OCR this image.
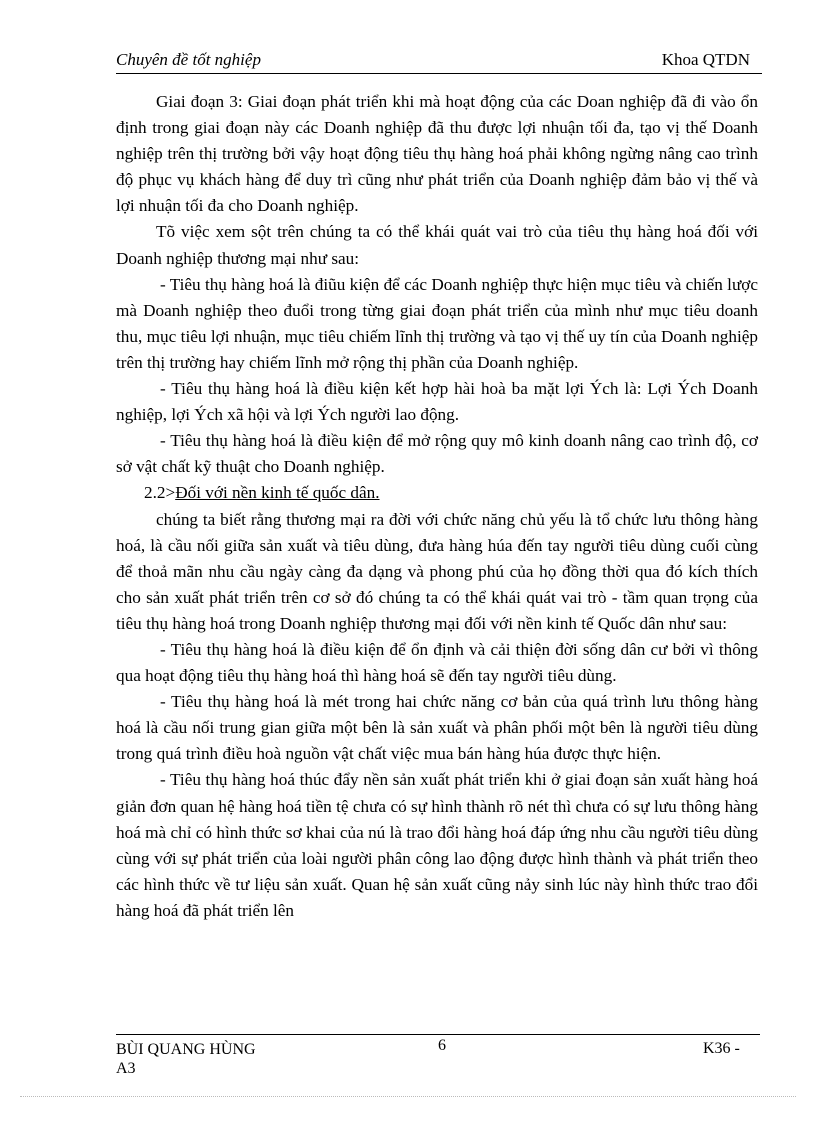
Chuyên đề tốt nghiệp	Khoa QTDN

Giai đoạn 3: Giai đoạn phát triển khi mà hoạt động của các Doan nghiệp đã đi vào ổn định trong giai đoạn này các Doanh nghiệp đã thu được lợi nhuận tối đa, tạo vị thế Doanh nghiệp trên thị trường bởi vậy hoạt động tiêu thụ hàng hoá phải không ngừng nâng cao trình độ phục vụ khách hàng để duy trì cũng như phát triển của Doanh nghiệp đảm bảo vị thế và lợi nhuận tối đa cho Doanh nghiệp.

Tõ việc xem sột trên chúng ta có thể khái quát vai trò của tiêu thụ hàng hoá đối với Doanh nghiệp thương mại như sau:

- Tiêu thụ hàng hoá là điũu kiện để các Doanh nghiệp thực hiện mục tiêu và chiến lược mà Doanh nghiệp theo đuổi trong từng giai đoạn phát triển của mình như mục tiêu doanh thu, mục tiêu lợi nhuận, mục tiêu chiếm lĩnh thị trường và tạo vị thế uy tín của Doanh nghiệp trên thị trường hay chiếm lĩnh mở rộng thị phần của Doanh nghiệp.

- Tiêu thụ hàng hoá là điều kiện kết hợp hài hoà ba mặt lợi Ých là: Lợi Ých Doanh nghiệp, lợi Ých xã hội và lợi Ých người lao động.

- Tiêu thụ hàng hoá là điều kiện để mở rộng quy mô kinh doanh nâng cao trình độ, cơ sở vật chất kỹ thuật cho Doanh nghiệp.

2.2>Đối với nền kinh tế quốc dân.

chúng ta biết rằng thương mại ra đời với chức năng chủ yếu là tổ chức lưu thông hàng hoá, là cầu nối giữa sản xuất và tiêu dùng, đưa hàng húa đến tay người tiêu dùng cuối cùng để thoả mãn nhu cầu ngày càng đa dạng và phong phú của họ đồng thời qua đó kích thích cho sản xuất phát triển trên cơ sở đó chúng ta có thể khái quát vai trò - tầm quan trọng của tiêu thụ hàng hoá trong Doanh nghiệp thương mại đối với nền kinh tế Quốc dân như sau:

- Tiêu thụ hàng hoá là điều kiện để ổn định và cải thiện đời sống dân cư bởi vì thông qua hoạt động tiêu thụ hàng hoá thì hàng hoá sẽ đến tay người tiêu dùng.

- Tiêu thụ hàng hoá là mét trong hai chức năng cơ bản của quá trình lưu thông hàng hoá là cầu nối trung gian giữa một bên là sản xuất và phân phối một bên là người tiêu dùng trong quá trình điều hoà nguồn vật chất việc mua bán hàng húa được thực hiện.

- Tiêu thụ hàng hoá thúc đẩy nền sản xuất phát triển khi ở giai đoạn sản xuất hàng hoá giản đơn quan hệ hàng hoá tiền tệ chưa có sự hình thành rõ nét thì chưa có sự lưu thông hàng hoá mà chỉ có hình thức sơ khai của nú là trao đổi hàng hoá đáp ứng nhu cầu người tiêu dùng cùng với sự phát triển của loài người phân công lao động được hình thành và phát triển theo các hình thức về tư liệu sản xuất. Quan hệ sản xuất cũng nảy sinh lúc này hình thức trao đổi hàng hoá đã phát triển lên

BÙI QUANG HÙNG
A3
6	K36 -
